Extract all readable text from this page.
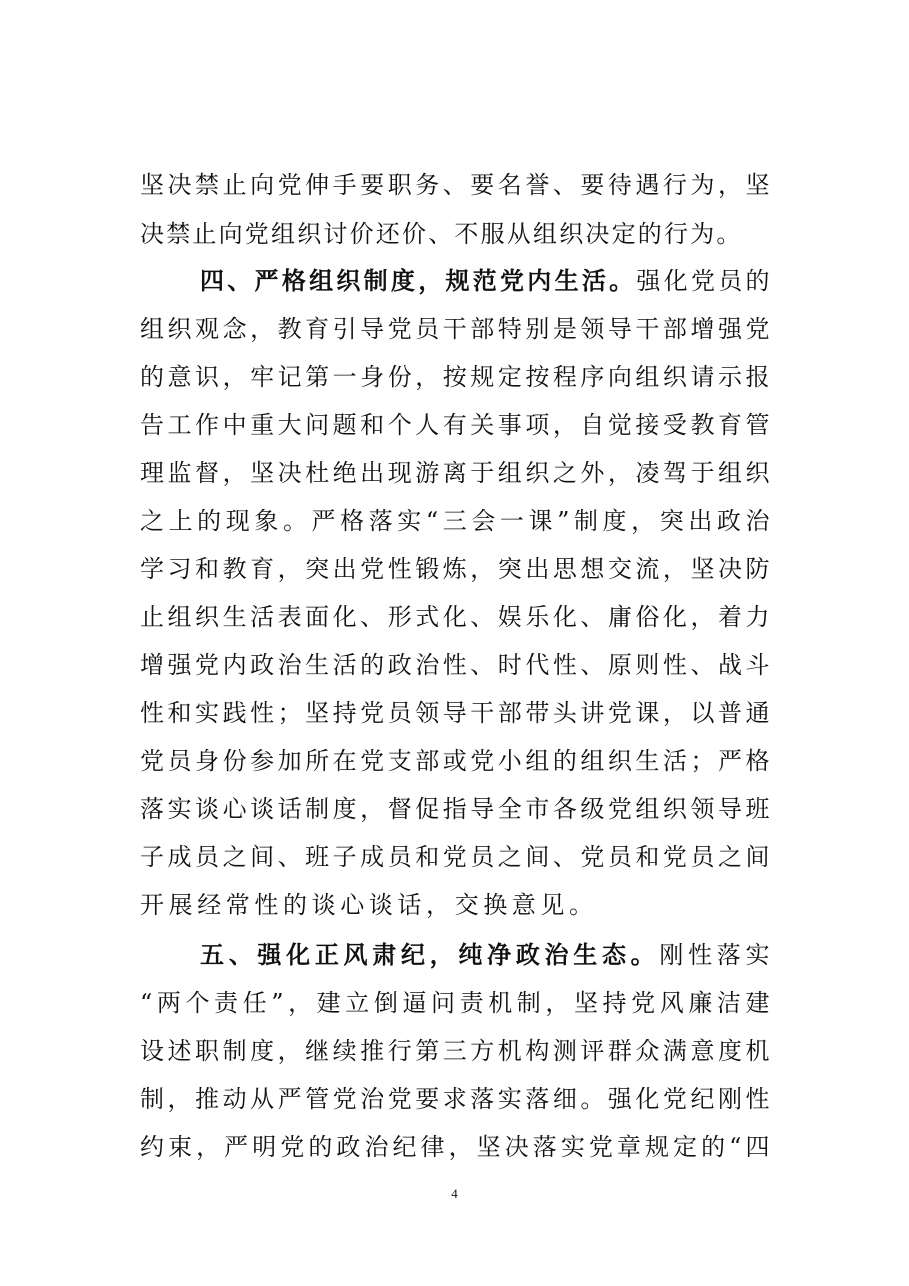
坚决禁止向党伸手要职务、要名誉、要待遇行为，坚
决禁止向党组织讨价还价、不服从组织决定的行为。
四、严格组织制度，规范党内生活。强化党员的
组织观念，教育引导党员干部特别是领导干部增强党
的意识，牢记第一身份，按规定按程序向组织请示报
告工作中重大问题和个人有关事项，自觉接受教育管
理监督，坚决杜绝出现游离于组织之外，凌驾于组织
之上的现象。严格落实“三会一课”制度，突出政治
学习和教育，突出党性锻炼，突出思想交流，坚决防
止组织生活表面化、形式化、娱乐化、庸俗化，着力
增强党内政治生活的政治性、时代性、原则性、战斗
性和实践性；坚持党员领导干部带头讲党课，以普通
党员身份参加所在党支部或党小组的组织生活；严格
落实谈心谈话制度，督促指导全市各级党组织领导班
子成员之间、班子成员和党员之间、党员和党员之间
开展经常性的谈心谈话，交换意见。
五、强化正风肃纪，纯净政治生态。刚性落实
“两个责任”，建立倒逼问责机制，坚持党风廉洁建
设述职制度，继续推行第三方机构测评群众满意度机
制，推动从严管党治党要求落实落细。强化党纪刚性
约束，严明党的政治纪律，坚决落实党章规定的“四
4
